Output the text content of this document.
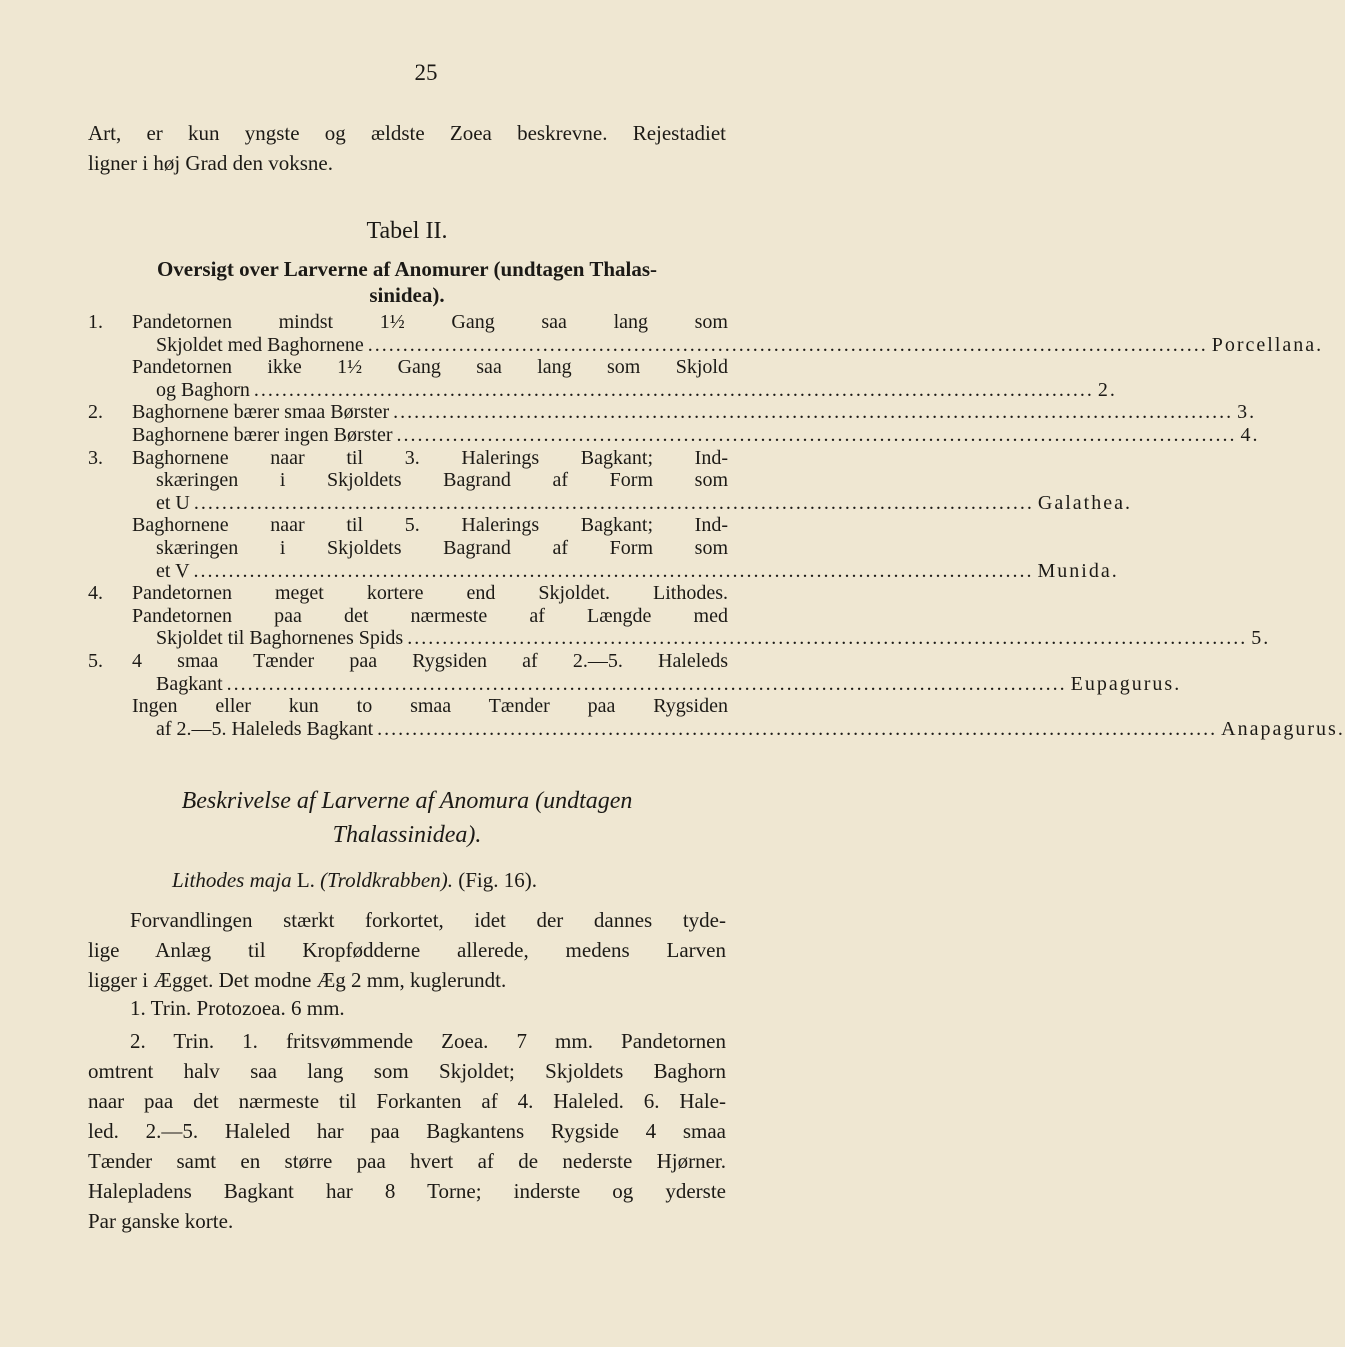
25
Art, er kun yngste og ældste Zoea beskrevne. Rejestadiet
ligner i høj Grad den voksne.
Tabel II.
Oversigt over Larverne af Anomurer (undtagen Thalas-
sinidea).
1.	Pandetornen mindst 1½ Gang saa lang som
Skjoldet med Baghornene ........................................................................................................................ Porcellana.
Pandetornen ikke 1½ Gang saa lang som Skjold
og Baghorn ........................................................................................................................ 2.
2.	Baghornene bærer smaa Børster ........................................................................................................................ 3.
Baghornene bærer ingen Børster ........................................................................................................................ 4.
3.	Baghornene naar til 3. Halerings Bagkant; Ind-
skæringen i Skjoldets Bagrand af Form som
et U ........................................................................................................................ Galathea.
Baghornene naar til 5. Halerings Bagkant; Ind-
skæringen i Skjoldets Bagrand af Form som
et V ........................................................................................................................ Munida.
4.	Pandetornen meget kortere end Skjoldet. Lithodes.
Pandetornen paa det nærmeste af Længde med
Skjoldet til Baghornenes Spids ........................................................................................................................ 5.
5.	4 smaa Tænder paa Rygsiden af 2.—5. Haleleds
Bagkant ........................................................................................................................ Eupagurus.
Ingen eller kun to smaa Tænder paa Rygsiden
af 2.—5. Haleleds Bagkant ........................................................................................................................ Anapagurus.
Beskrivelse af Larverne af Anomura (undtagen
Thalassinidea).
Lithodes maja L. (Troldkrabben). (Fig. 16).
Forvandlingen stærkt forkortet, idet der dannes tyde-
lige Anlæg til Kropfødderne allerede, medens Larven
ligger i Ægget. Det modne Æg 2 mm, kuglerundt.
1. Trin. Protozoea. 6 mm.
2. Trin. 1. fritsvømmende Zoea. 7 mm. Pandetornen
omtrent halv saa lang som Skjoldet; Skjoldets Baghorn
naar paa det nærmeste til Forkanten af 4. Haleled. 6. Hale-
led. 2.—5. Haleled har paa Bagkantens Rygside 4 smaa
Tænder samt en større paa hvert af de nederste Hjørner.
Halepladens Bagkant har 8 Torne; inderste og yderste
Par ganske korte.
